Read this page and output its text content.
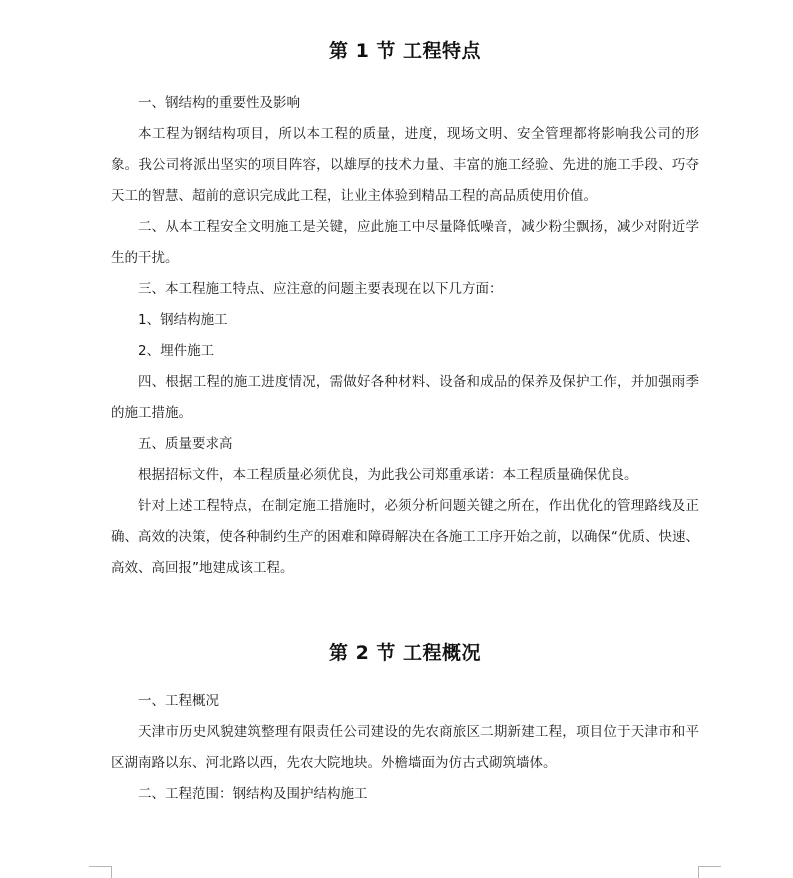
第 1 节 工程特点

一、钢结构的重要性及影响

本工程为钢结构项目，所以本工程的质量，进度，现场文明、安全管理都将影响我公司的形象。我公司将派出坚实的项目阵容，以雄厚的技术力量、丰富的施工经验、先进的施工手段、巧夺天工的智慧、超前的意识完成此工程，让业主体验到精品工程的高品质使用价值。

二、从本工程安全文明施工是关键，应此施工中尽量降低噪音，减少粉尘飘扬，减少对附近学生的干扰。

三、本工程施工特点、应注意的问题主要表现在以下几方面：

1、钢结构施工

2、埋件施工

四、根据工程的施工进度情况，需做好各种材料、设备和成品的保养及保护工作，并加强雨季的施工措施。

五、质量要求高

根据招标文件，本工程质量必须优良，为此我公司郑重承诺：本工程质量确保优良。

针对上述工程特点，在制定施工措施时，必须分析问题关键之所在，作出优化的管理路线及正确、高效的决策，使各种制约生产的困难和障碍解决在各施工工序开始之前，以确保“优质、快速、高效、高回报”地建成该工程。

第 2 节 工程概况

一、工程概况

天津市历史风貌建筑整理有限责任公司建设的先农商旅区二期新建工程，项目位于天津市和平区湖南路以东、河北路以西，先农大院地块。外檐墙面为仿古式砌筑墙体。

二、工程范围：钢结构及围护结构施工
